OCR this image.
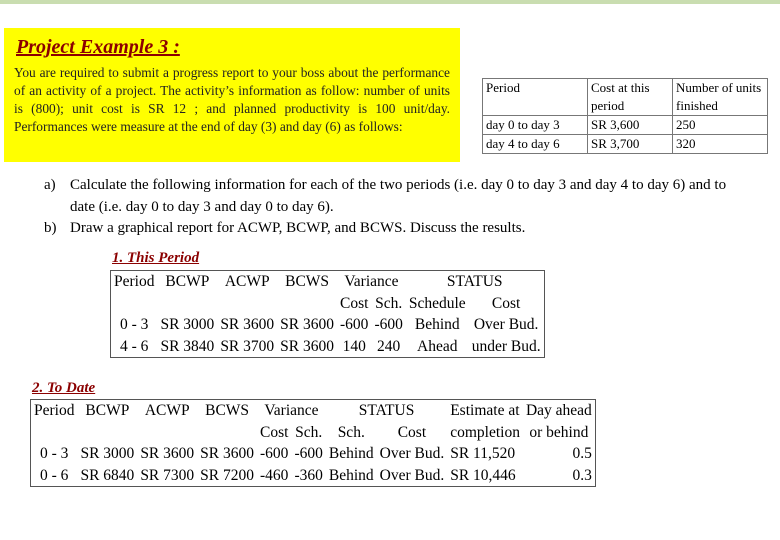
Project Example 3 :
You are required to submit a progress report to your boss about the performance of an activity of a project. The activity’s information as follow: number of units is (800); unit cost is SR 12 ; and planned productivity is 100 unit/day. Performances were measure at the end of day (3) and day (6) as follows:
Period	Cost at this period	Number of units finished
day 0 to day 3	SR 3,600	250
day 4 to day 6	SR 3,700	320
a) Calculate the following information for each of the two periods (i.e. day 0 to day 3 and day 4 to day 6) and to date (i.e. day 0 to day 3 and day 0 to day 6).
b) Draw a graphical report for ACWP, BCWP, and BCWS. Discuss the results.
1. This Period
Period	BCWP	ACWP	BCWS	Variance		STATUS	
				Cost	Sch.	Schedule	Cost
0 - 3	SR 3000	SR 3600	SR 3600	-600	-600	Behind	Over Bud.
4 - 6	SR 3840	SR 3700	SR 3600	140	240	Ahead	under Bud.
2. To Date
Period	BCWP	ACWP	BCWS	Variance		STATUS		Estimate at	Day ahead
				Cost	Sch.	Sch.	Cost	completion	or behind
0 - 3	SR 3000	SR 3600	SR 3600	-600	-600	Behind	Over Bud.	SR 11,520	0.5
0 - 6	SR 6840	SR 7300	SR 7200	-460	-360	Behind	Over Bud.	SR 10,446	0.3
